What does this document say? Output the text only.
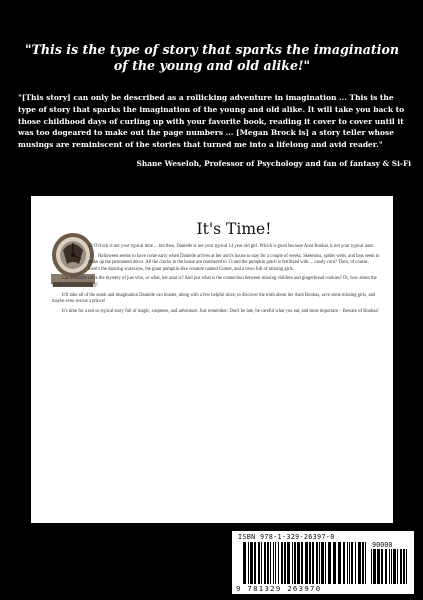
"This is the type of story that sparks the imagination of the young and old alike!"
"[This story] can only be described as a rollicking adventure in imagination ... This is the type of story that sparks the imagination of the young and old alike. It will take you back to those childhood days of curling up with your favorite book, reading it cover to cover until it was too dogeared to make out the page numbers ... [Megan Brock is] a story teller whose musings are reminiscent of the stories that turned me into a lifelong and avid reader."
Shane Weseloh, Professor of Psychology and fan of fantasy & Si-Fi
It's Time!

13 O'clock is not your typical time ... but then, Danielle is not your typical 14 year old girl. Which is good because Aunt Boohas is not your typical aunt.

Halloween seems to have come early when Danielle arrives at her aunt's house to stay for a couple of weeks. Skeletons, spider webs, and bats seem to make up the permanent décor. All the clocks in the house are numbered to 13 and the pumpkin patch is fertilized with ... candy corn? Then, of course, there's the dancing scarecrow, the giant pumpkin-like creature named Gomer, and a town full of missing girls.

Can Danielle solve the mystery of just who, or what, her aunt is? And just what is the connection between missing children and gingerbread cookies? Or, how about the whole 13 O'clock thing?

It'll take all of the snark and imagination Danielle can muster, along with a few helpful mice, to discover the truth about her Aunt Boohas, save some missing girls, and maybe even rescue a prince!

It's time for a not so typical story full of magic, suspense, and adventure. Just remember: Don't be late, be careful what you eat, and most important – Beware of Boohas!

ISBN 978-1-329-26397-0
90000
9 781329 263970
